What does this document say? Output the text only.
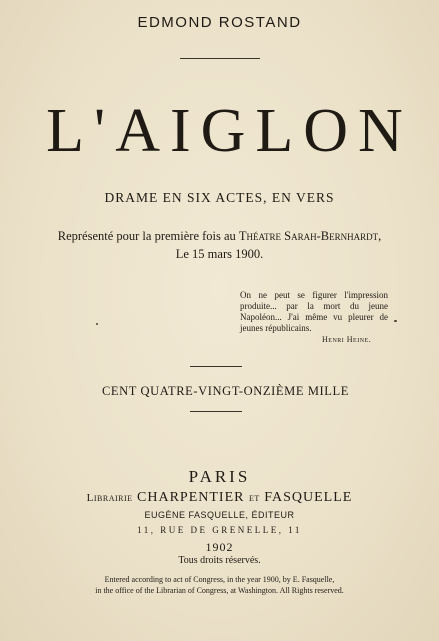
EDMOND ROSTAND
L'AIGLON
DRAME EN SIX ACTES, EN VERS
Représenté pour la première fois au Théatre Sarah-Bernhardt,
Le 15 mars 1900.
On ne peut se figurer l'impression produite... par la mort du jeune Napoléon... J'ai même vu pleurer de jeunes républicains.
Henri Heine.
CENT QUATRE-VINGT-ONZIÈME MILLE
PARIS
Librairie CHARPENTIER et FASQUELLE
EUGÈNE FASQUELLE, ÉDITEUR
11, RUE DE GRENELLE, 11
1902
Tous droits réservés.
Entered according to act of Congress, in the year 1900, by E. Fasquelle,
in the office of the Librarian of Congress, at Washington. All Rights reserved.
